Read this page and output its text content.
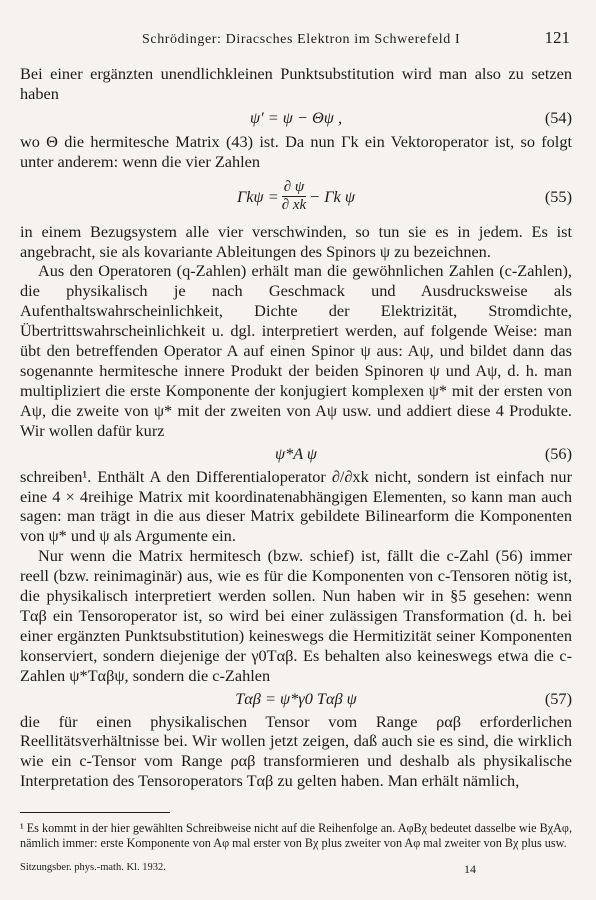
Schrödinger: Diracsches Elektron im Schwerefeld I	121

Bei einer ergänzten unendlichkleinen Punktsubstitution wird man also zu setzen haben

ψ′ = ψ − Θψ ,	(54)

wo Θ die hermitesche Matrix (43) ist. Da nun Γk ein Vektoroperator ist, so folgt unter anderem: wenn die vier Zahlen

$\Gamma k\psi = \frac{\partial \psi}{\partial xk} - \Gamma k$ ψ	(55)

in einem Bezugsystem alle vier verschwinden, so tun sie es in jedem. Es ist angebracht, sie als kovariante Ableitungen des Spinors ψ zu bezeichnen.

Aus den Operatoren (q-Zahlen) erhält man die gewöhnlichen Zahlen (c-Zahlen), die physikalisch je nach Geschmack und Ausdrucksweise als Aufenthaltswahrscheinlichkeit, Dichte der Elektrizität, Stromdichte, Übertrittswahrscheinlichkeit u. dgl. interpretiert werden, auf folgende Weise: man übt den betreffenden Operator A auf einen Spinor ψ aus: Aψ, und bildet dann das sogenannte hermitesche innere Produkt der beiden Spinoren ψ und Aψ, d. h. man multipliziert die erste Komponente der konjugiert komplexen ψ* mit der ersten von Aψ, die zweite von ψ* mit der zweiten von Aψ usw. und addiert diese 4 Produkte. Wir wollen dafür kurz

ψ*A ψ	(56)

schreiben¹. Enthält A den Differentialoperator ∂/∂xk nicht, sondern ist einfach nur eine 4 × 4reihige Matrix mit koordinatenabhängigen Elementen, so kann man auch sagen: man trägt in die aus dieser Matrix gebildete Bilinearform die Komponenten von ψ* und ψ als Argumente ein.

Nur wenn die Matrix hermitesch (bzw. schief) ist, fällt die c-Zahl (56) immer reell (bzw. reinimaginär) aus, wie es für die Komponenten von c-Tensoren nötig ist, die physikalisch interpretiert werden sollen. Nun haben wir in §5 gesehen: wenn Tαβ ein Tensoroperator ist, so wird bei einer zulässigen Transformation (d. h. bei einer ergänzten Punktsubstitution) keineswegs die Hermitizität seiner Komponenten konserviert, sondern diejenige der γ0Tαβ. Es behalten also keineswegs etwa die c-Zahlen ψ*Tαβψ, sondern die c-Zahlen

Tαβ = ψ*γ0 Tαβ ψ	(57)

die für einen physikalischen Tensor vom Range ραβ erforderlichen Reellitätsverhältnisse bei. Wir wollen jetzt zeigen, daß auch sie es sind, die wirklich wie ein c-Tensor vom Range ραβ transformieren und deshalb als physikalische Interpretation des Tensoroperators Tαβ zu gelten haben. Man erhält nämlich,

¹ Es kommt in der hier gewählten Schreibweise nicht auf die Reihenfolge an. AφBχ bedeutet dasselbe wie BχAφ, nämlich immer: erste Komponente von Aφ mal erster von Bχ plus zweiter von Aφ mal zweiter von Bχ plus usw.
Sitzungsber. phys.-math. Kl. 1932.	14
